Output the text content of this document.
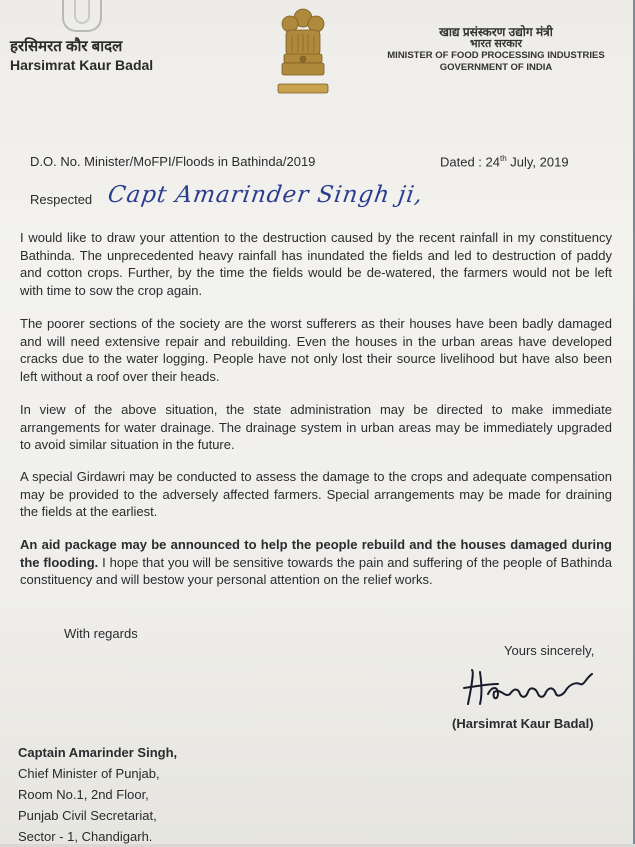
हरसिमरत कौर बादल
Harsimrat Kaur Badal
खाद्य प्रसंस्करण उद्योग मंत्री
भारत सरकार
MINISTER OF FOOD PROCESSING INDUSTRIES
GOVERNMENT OF INDIA
D.O. No. Minister/MoFPI/Floods in Bathinda/2019	Dated : 24th July, 2019
Respected Capt Amarinder Singh ji,
I would like to draw your attention to the destruction caused by the recent rainfall in my constituency Bathinda. The unprecedented heavy rainfall has inundated the fields and led to destruction of paddy and cotton crops. Further, by the time the fields would be de-watered, the farmers would not be left with time to sow the crop again.
The poorer sections of the society are the worst sufferers as their houses have been badly damaged and will need extensive repair and rebuilding. Even the houses in the urban areas have developed cracks due to the water logging. People have not only lost their source livelihood but have also been left without a roof over their heads.
In view of the above situation, the state administration may be directed to make immediate arrangements for water drainage. The drainage system in urban areas may be immediately upgraded to avoid similar situation in the future.
A special Girdawri may be conducted to assess the damage to the crops and adequate compensation may be provided to the adversely affected farmers. Special arrangements may be made for draining the fields at the earliest.
An aid package may be announced to help the people rebuild and the houses damaged during the flooding. I hope that you will be sensitive towards the pain and suffering of the people of Bathinda constituency and will bestow your personal attention on the relief works.
With regards
Yours sincerely,
(Harsimrat Kaur Badal)
Captain Amarinder Singh,
Chief Minister of Punjab,
Room No.1, 2nd Floor,
Punjab Civil Secretariat,
Sector - 1, Chandigarh.
